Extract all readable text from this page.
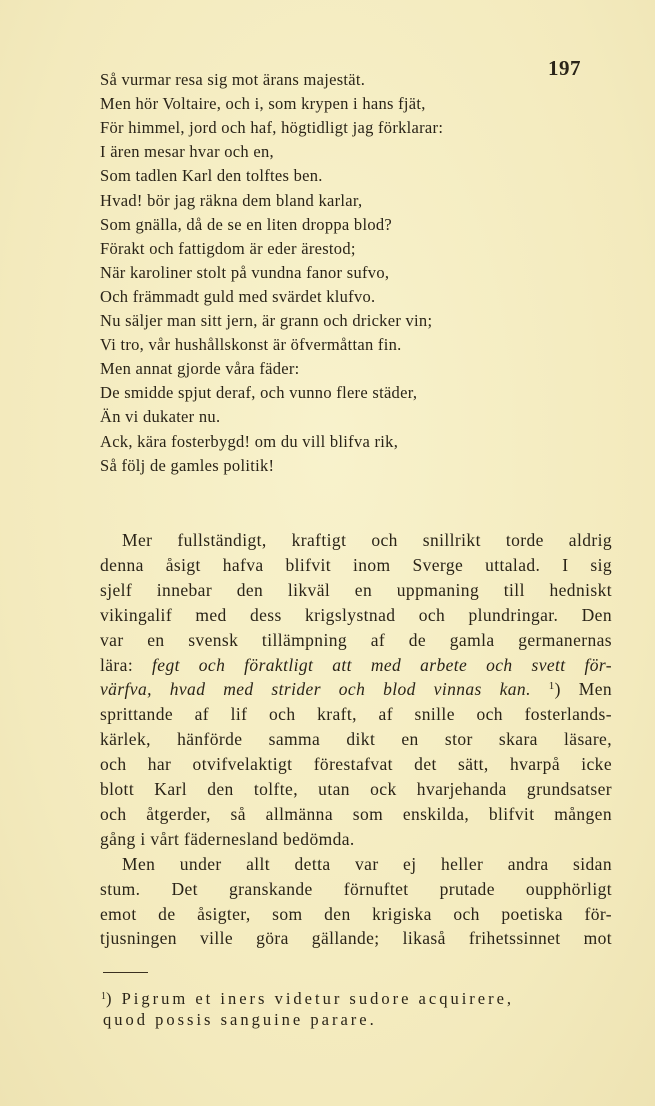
197
Så vurmar resa sig mot ärans majestät.
Men hör Voltaire, och i, som krypen i hans fjät,
För himmel, jord och haf, högtidligt jag förklarar:
I ären mesar hvar och en,
Som tadlen Karl den tolftes ben.
Hvad! bör jag räkna dem bland karlar,
Som gnälla, då de se en liten droppa blod?
Förakt och fattigdom är eder ärestod;
När karoliner stolt på vundna fanor sufvo,
Och främmadt guld med svärdet klufvo.
Nu säljer man sitt jern, är grann och dricker vin;
Vi tro, vår hushållskonst är öfvermåttan fin.
Men annat gjorde våra fäder:
De smidde spjut deraf, och vunno flere städer,
Än vi dukater nu.
Ack, kära fosterbygd! om du vill blifva rik,
Så följ de gamles politik!
Mer fullständigt, kraftigt och snillrikt torde aldrig
denna åsigt hafva blifvit inom Sverge uttalad. I sig
sjelf innebar den likväl en uppmaning till hedniskt
vikingalif med dess krigslystnad och plundringar. Den
var en svensk tillämpning af de gamla germanernas
lära: fegt och föraktligt att med arbete och svett för-
värfva, hvad med strider och blod vinnas kan. $^1$) Men
sprittande af lif och kraft, af snille och fosterlands-
kärlek, hänförde samma dikt en stor skara läsare,
och har otvifvelaktigt förestafvat det sätt, hvarpå icke
blott Karl den tolfte, utan ock hvarjehanda grundsatser
och åtgerder, så allmänna som enskilda, blifvit mången
gång i vårt fädernesland bedömda.
Men under allt detta var ej heller andra sidan
stum. Det granskande förnuftet prutade oupphörligt
emot de åsigter, som den krigiska och poetiska för-
tjusningen ville göra gällande; likaså frihetssinnet mot
$^1$) Pigrum et iners videtur sudore acquirere,
quod possis sanguine parare.
